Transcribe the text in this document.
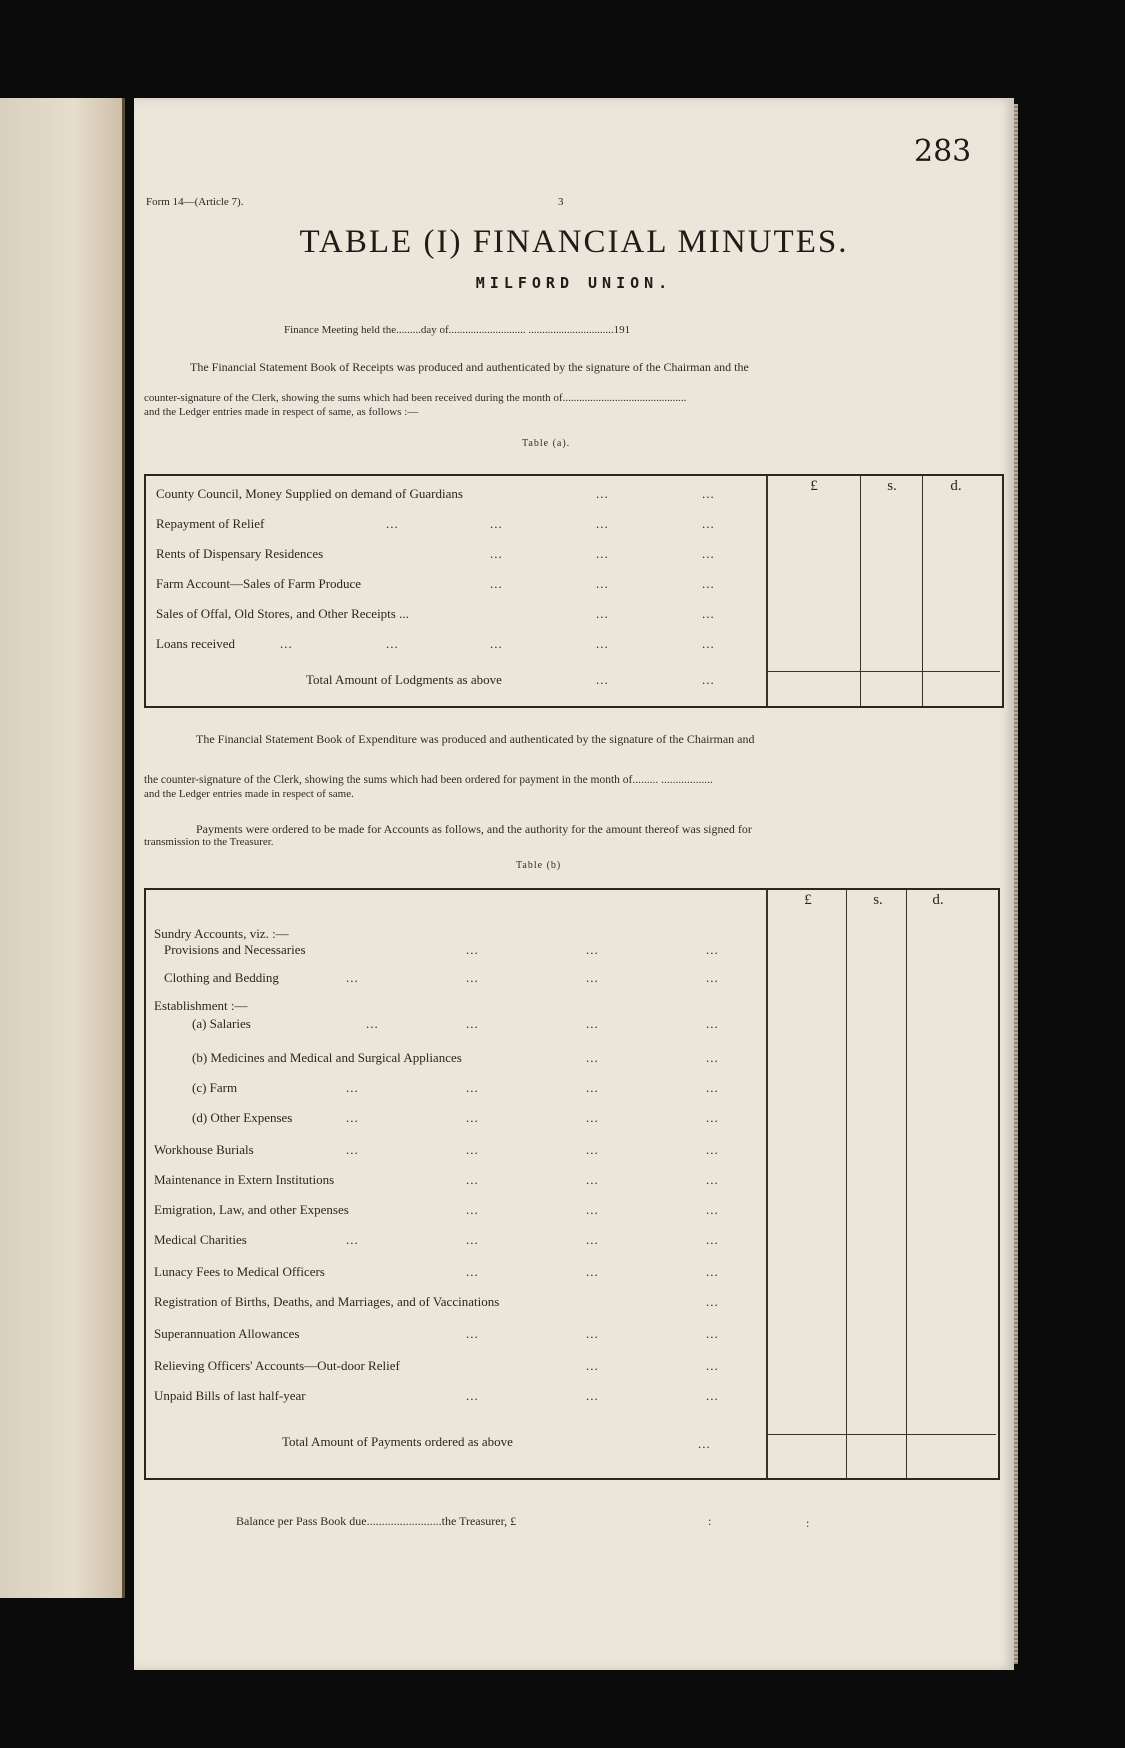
283
Form 14—(Article 7).	3
TABLE (I) FINANCIAL MINUTES.
MILFORD UNION.
Finance Meeting held the.........day of............................ ...............................191
The Financial Statement Book of Receipts was produced and authenticated by the signature of the Chairman and the
counter-signature of the Clerk, showing the sums which had been received during the month of.............................................
and the Ledger entries made in respect of same, as follows :—
Table (a).
£	s.	d.
County Council, Money Supplied on demand of Guardians	...	...
Repayment of Relief	...	...	...	...
Rents of Dispensary Residences	...	...	...
Farm Account—Sales of Farm Produce	...	...	...
Sales of Offal, Old Stores, and Other Receipts ...	...	...
Loans received	...	...	...	...	...
Total Amount of Lodgments as above	...	...
The Financial Statement Book of Expenditure was produced and authenticated by the signature of the Chairman and
the counter-signature of the Clerk, showing the sums which had been ordered for payment in the month of......... ..................
and the Ledger entries made in respect of same.
Payments were ordered to be made for Accounts as follows, and the authority for the amount thereof was signed for
transmission to the Treasurer.
Table (b)
£	s.	d.
Sundry Accounts, viz. :—
Provisions and Necessaries	...	...	...
Clothing and Bedding	...	...	...	...
Establishment :—
(a) Salaries	...	...	...	...
(b) Medicines and Medical and Surgical Appliances	...	...
(c) Farm	...	...	...	...
(d) Other Expenses	...	...	...	...
Workhouse Burials	...	...	...	...
Maintenance in Extern Institutions	...	...	...
Emigration, Law, and other Expenses	...	...	...
Medical Charities	...	...	...	...
Lunacy Fees to Medical Officers	...	...	...
Registration of Births, Deaths, and Marriages, and of Vaccinations	...
Superannuation Allowances	...	...	...
Relieving Officers' Accounts—Out-door Relief	...	...
Unpaid Bills of last half-year	...	...	...
Total Amount of Payments ordered as above	...
Balance per Pass Book due.........................the Treasurer, £	:	:
